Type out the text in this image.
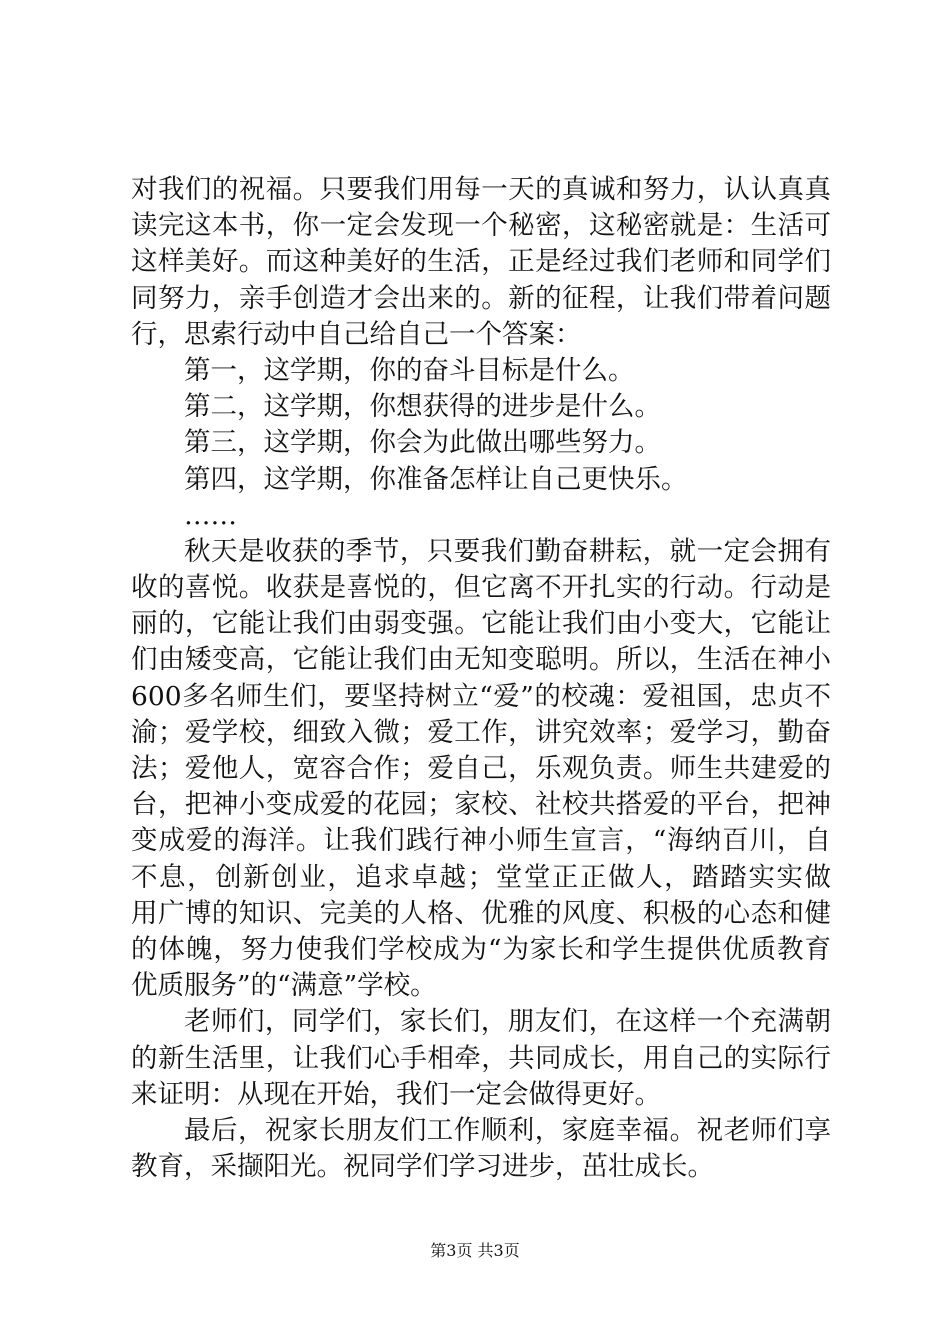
对我们的祝福。只要我们用每一天的真诚和努力，认认真真
读完这本书，你一定会发现一个秘密，这秘密就是：生活可
这样美好。而这种美好的生活，正是经过我们老师和同学们
同努力，亲手创造才会出来的。新的征程，让我们带着问题
行，思索行动中自己给自己一个答案：
第一，这学期，你的奋斗目标是什么。
第二，这学期，你想获得的进步是什么。
第三，这学期，你会为此做出哪些努力。
第四，这学期，你准备怎样让自己更快乐。
……
秋天是收获的季节，只要我们勤奋耕耘，就一定会拥有
收的喜悦。收获是喜悦的，但它离不开扎实的行动。行动是
丽的，它能让我们由弱变强。它能让我们由小变大，它能让
们由矮变高，它能让我们由无知变聪明。所以，生活在神小
600多名师生们，要坚持树立“爱”的校魂：爱祖国，忠贞不
渝；爱学校，细致入微；爱工作，讲究效率；爱学习，勤奋
法；爱他人，宽容合作；爱自己，乐观负责。师生共建爱的
台，把神小变成爱的花园；家校、社校共搭爱的平台，把神
变成爱的海洋。让我们践行神小师生宣言，“海纳百川，自
不息，创新创业，追求卓越；堂堂正正做人，踏踏实实做
用广博的知识、完美的人格、优雅的风度、积极的心态和健
的体魄，努力使我们学校成为“为家长和学生提供优质教育
优质服务”的“满意”学校。
老师们，同学们，家长们，朋友们，在这样一个充满朝
的新生活里，让我们心手相牵，共同成长，用自己的实际行
来证明：从现在开始，我们一定会做得更好。
最后，祝家长朋友们工作顺利，家庭幸福。祝老师们享
教育，采撷阳光。祝同学们学习进步，茁壮成长。
第3页 共3页
